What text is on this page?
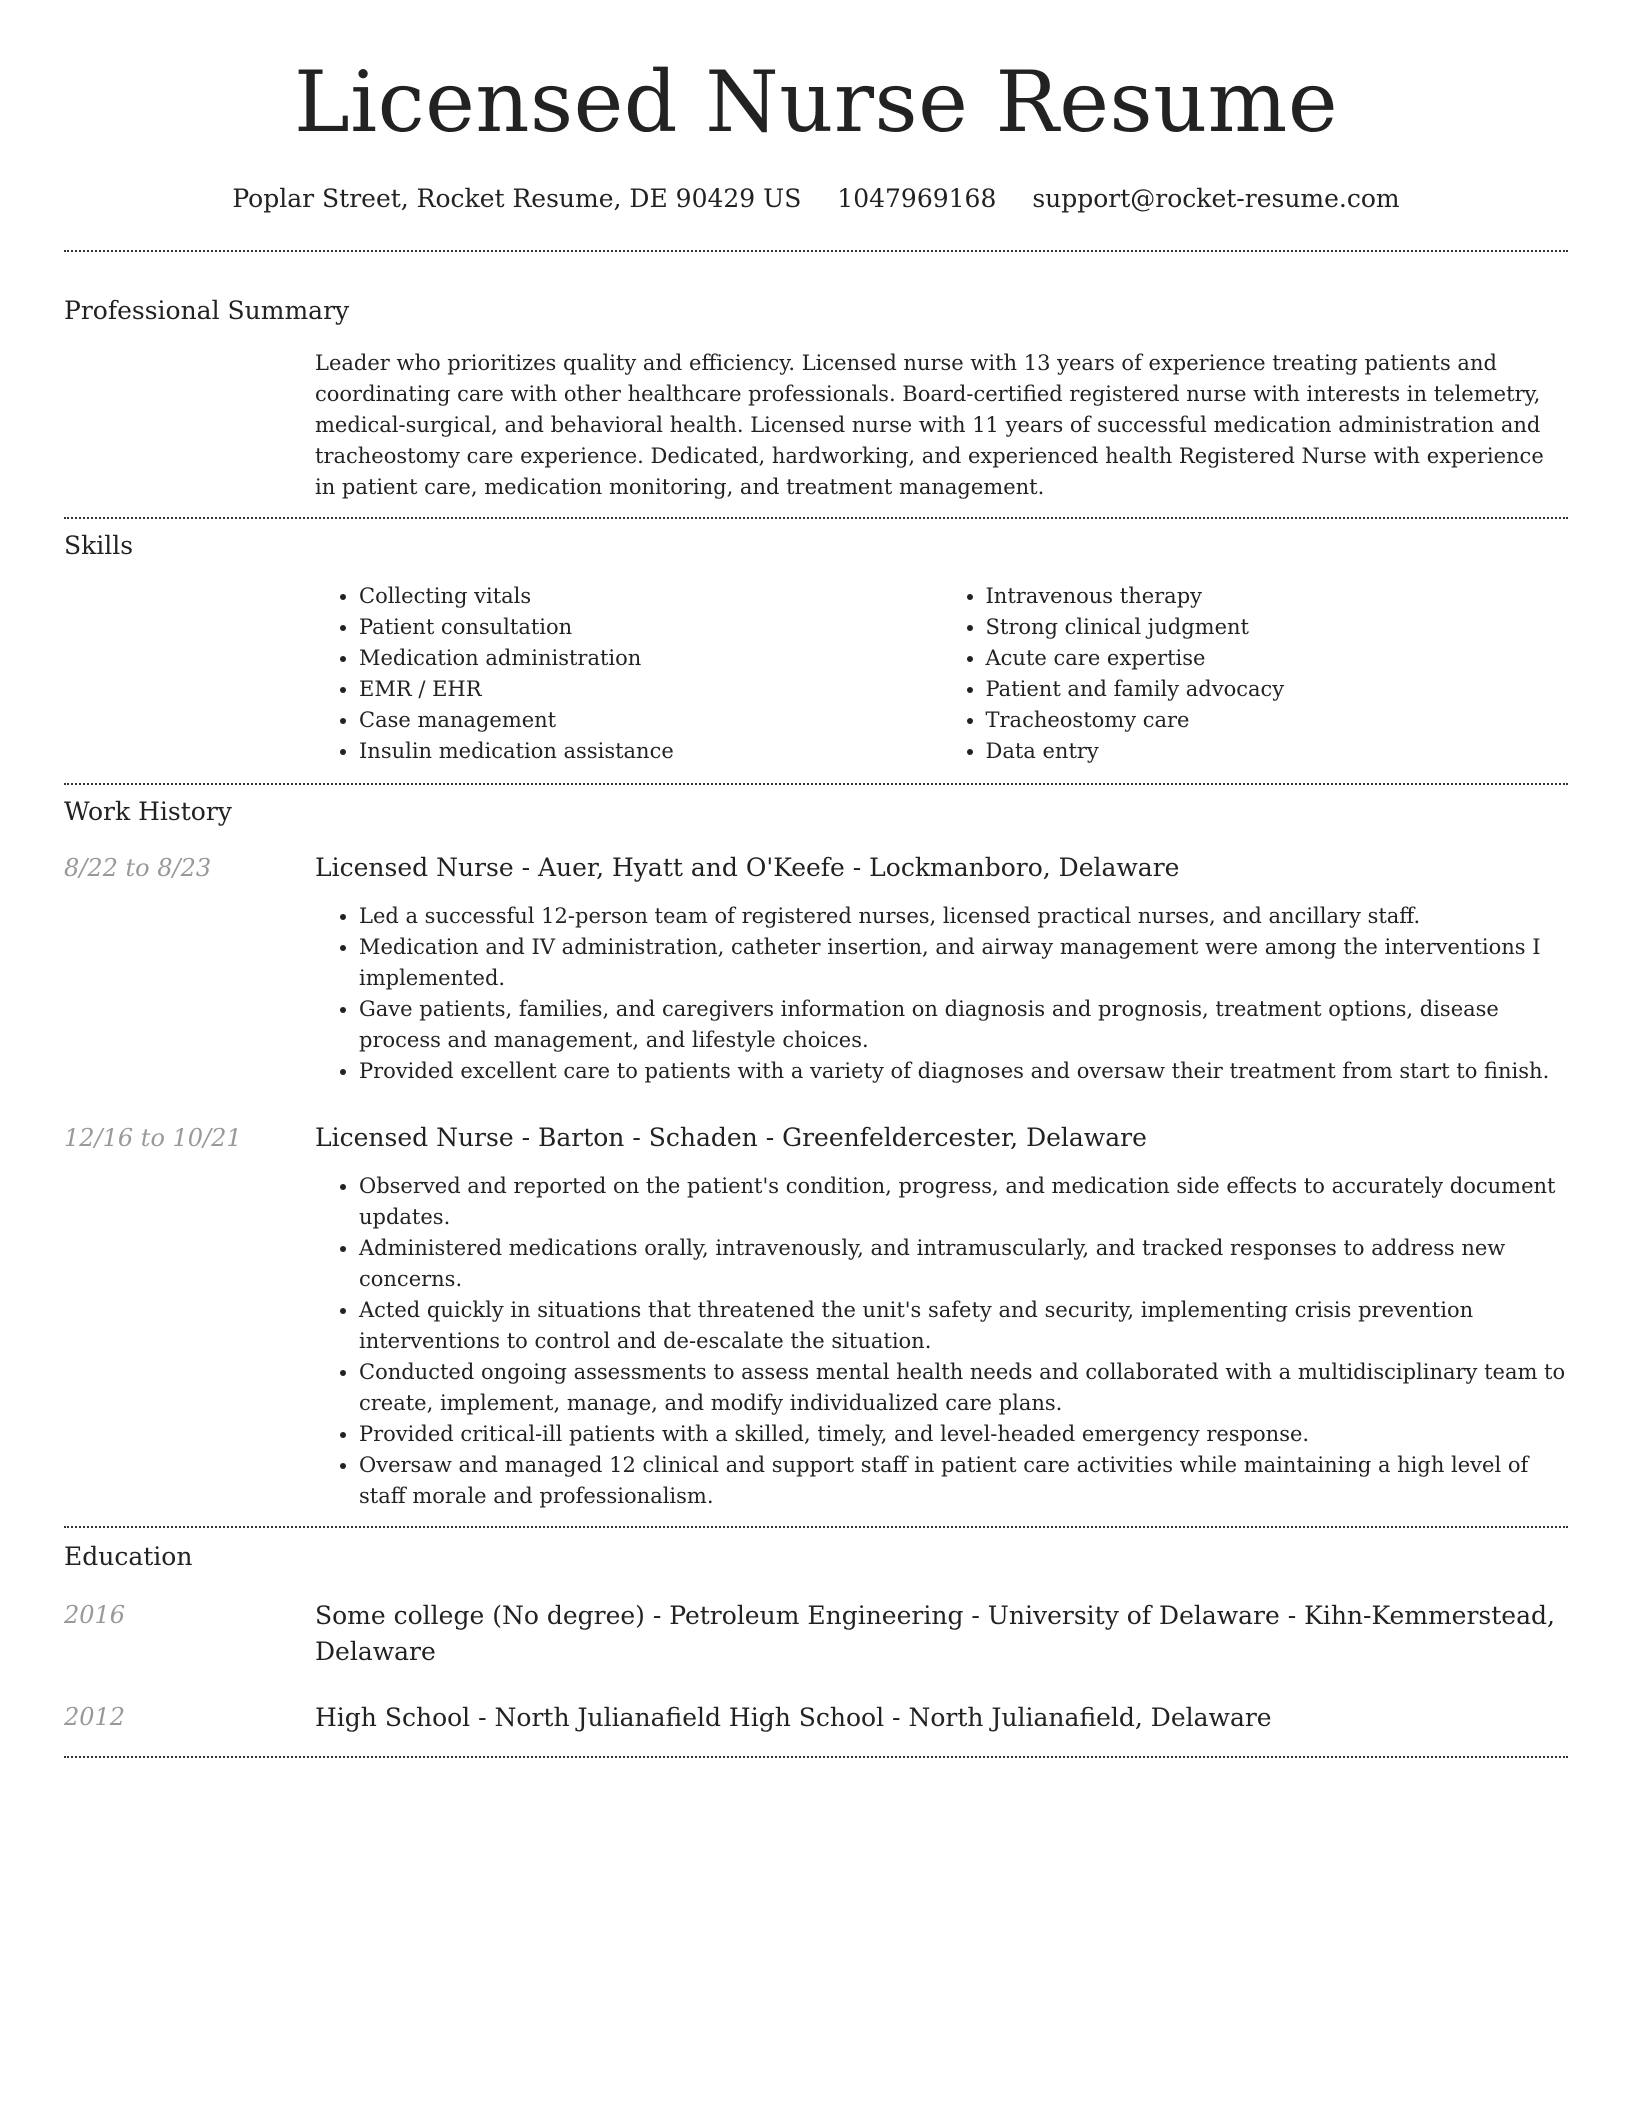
Licensed Nurse Resume
Poplar Street, Rocket Resume, DE 90429 US 1047969168 support@rocket-resume.com
Professional Summary
Leader who prioritizes quality and efficiency. Licensed nurse with 13 years of experience treating patients and coordinating care with other healthcare professionals. Board-certified registered nurse with interests in telemetry, medical-surgical, and behavioral health. Licensed nurse with 11 years of successful medication administration and tracheostomy care experience. Dedicated, hardworking, and experienced health Registered Nurse with experience in patient care, medication monitoring, and treatment management.
Skills
• Collecting vitals
• Patient consultation
• Medication administration
• EMR / EHR
• Case management
• Insulin medication assistance
• Intravenous therapy
• Strong clinical judgment
• Acute care expertise
• Patient and family advocacy
• Tracheostomy care
• Data entry
Work History
8/22 to 8/23	Licensed Nurse - Auer, Hyatt and O'Keefe - Lockmanboro, Delaware
• Led a successful 12-person team of registered nurses, licensed practical nurses, and ancillary staff.
• Medication and IV administration, catheter insertion, and airway management were among the interventions I implemented.
• Gave patients, families, and caregivers information on diagnosis and prognosis, treatment options, disease process and management, and lifestyle choices.
• Provided excellent care to patients with a variety of diagnoses and oversaw their treatment from start to finish.
12/16 to 10/21	Licensed Nurse - Barton - Schaden - Greenfeldercester, Delaware
• Observed and reported on the patient's condition, progress, and medication side effects to accurately document updates.
• Administered medications orally, intravenously, and intramuscularly, and tracked responses to address new concerns.
• Acted quickly in situations that threatened the unit's safety and security, implementing crisis prevention interventions to control and de-escalate the situation.
• Conducted ongoing assessments to assess mental health needs and collaborated with a multidisciplinary team to create, implement, manage, and modify individualized care plans.
• Provided critical-ill patients with a skilled, timely, and level-headed emergency response.
• Oversaw and managed 12 clinical and support staff in patient care activities while maintaining a high level of staff morale and professionalism.
Education
2016	Some college (No degree) - Petroleum Engineering - University of Delaware - Kihn-Kemmerstead, Delaware
2012	High School - North Julianafield High School - North Julianafield, Delaware
